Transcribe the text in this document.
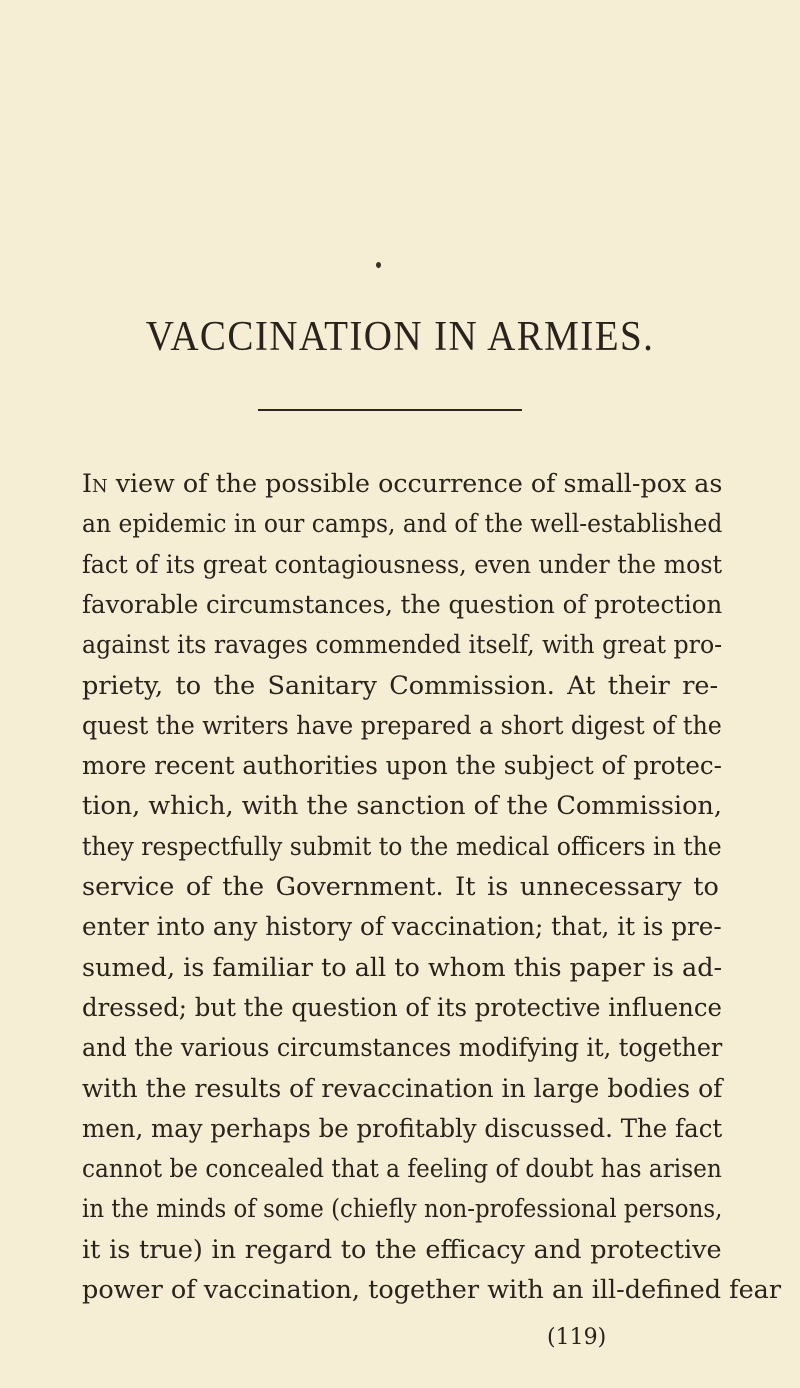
VACCINATION IN ARMIES.
In view of the possible occurrence of small-pox as
an epidemic in our camps, and of the well-established
fact of its great contagiousness, even under the most
favorable circumstances, the question of protection
against its ravages commended itself, with great pro-
priety, to the Sanitary Commission. At their re-
quest the writers have prepared a short digest of the
more recent authorities upon the subject of protec-
tion, which, with the sanction of the Commission,
they respectfully submit to the medical officers in the
service of the Government. It is unnecessary to
enter into any history of vaccination; that, it is pre-
sumed, is familiar to all to whom this paper is ad-
dressed; but the question of its protective influence
and the various circumstances modifying it, together
with the results of revaccination in large bodies of
men, may perhaps be profitably discussed. The fact
cannot be concealed that a feeling of doubt has arisen
in the minds of some (chiefly non-professional persons,
it is true) in regard to the efficacy and protective
power of vaccination, together with an ill-defined fear
(119)
